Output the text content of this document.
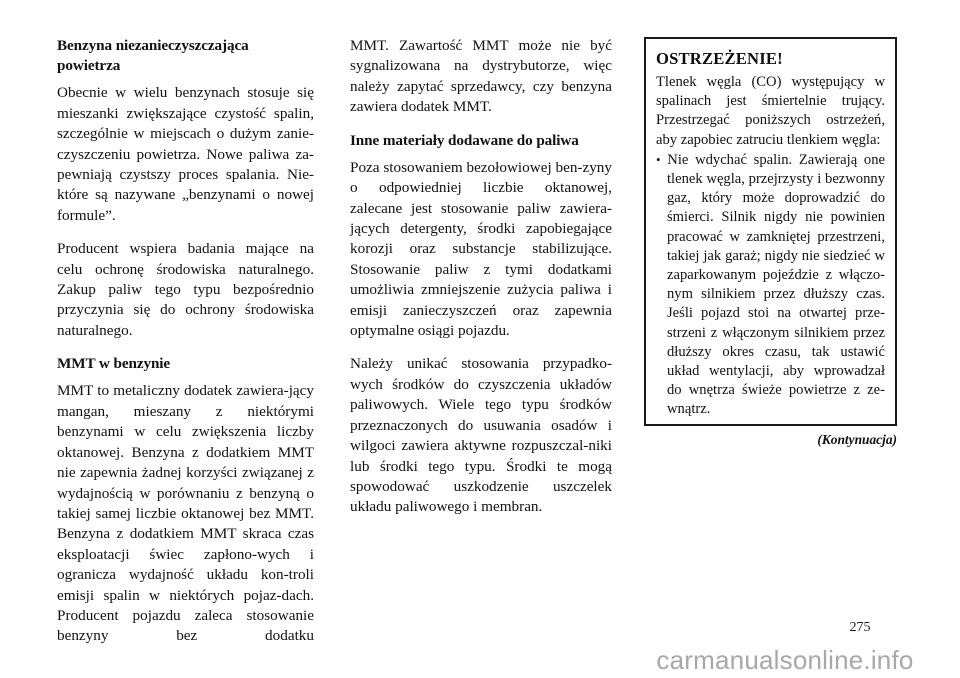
Benzyna niezanieczyszczająca powietrza

Obecnie w wielu benzynach stosuje się mieszanki zwiększające czystość spalin, szczególnie w miejscach o dużym zanie-czyszczeniu powietrza. Nowe paliwa za-pewniają czystszy proces spalania. Nie-które są nazywane „benzynami o nowej formule”.

Producent wspiera badania mające na celu ochronę środowiska naturalnego. Zakup paliw tego typu bezpośrednio przyczynia się do ochrony środowiska naturalnego.

MMT w benzynie

MMT to metaliczny dodatek zawiera-jący mangan, mieszany z niektórymi benzynami w celu zwiększenia liczby oktanowej. Benzyna z dodatkiem MMT nie zapewnia żadnej korzyści związanej z wydajnością w porównaniu z benzyną o takiej samej liczbie oktanowej bez MMT. Benzyna z dodatkiem MMT skraca czas eksploatacji świec zapłono-wych i ogranicza wydajność układu kon-troli emisji spalin w niektórych pojaz-dach. Producent pojazdu zaleca stosowanie benzyny bez dodatku

MMT. Zawartość MMT może nie być sygnalizowana na dystrybutorze, więc należy zapytać sprzedawcy, czy benzyna zawiera dodatek MMT.

Inne materiały dodawane do paliwa

Poza stosowaniem bezołowiowej ben-zyny o odpowiedniej liczbie oktanowej, zalecane jest stosowanie paliw zawiera-jących detergenty, środki zapobiegające korozji oraz substancje stabilizujące. Stosowanie paliw z tymi dodatkami umożliwia zmniejszenie zużycia paliwa i emisji zanieczyszczeń oraz zapewnia optymalne osiągi pojazdu.

Należy unikać stosowania przypadko-wych środków do czyszczenia układów paliwowych. Wiele tego typu środków przeznaczonych do usuwania osadów i wilgoci zawiera aktywne rozpuszczal-niki lub środki tego typu. Środki te mogą spowodować uszkodzenie uszczelek układu paliwowego i membran.

OSTRZEŻENIE!

Tlenek węgla (CO) występujący w spalinach jest śmiertelnie trujący. Przestrzegać poniższych ostrzeżeń, aby zapobiec zatruciu tlenkiem węgla:

• Nie wdychać spalin. Zawierają one tlenek węgla, przejrzysty i bezwonny gaz, który może doprowadzić do śmierci. Silnik nigdy nie powinien pracować w zamkniętej przestrzeni, takiej jak garaż; nigdy nie siedzieć w zaparkowanym pojeździe z włączo-nym silnikiem przez dłuższy czas. Jeśli pojazd stoi na otwartej prze-strzeni z włączonym silnikiem przez dłuższy okres czasu, tak ustawić układ wentylacji, aby wprowadzał do wnętrza świeże powietrze z ze-wnątrz.

(Kontynuacja)
275
carmanualsonline.info
